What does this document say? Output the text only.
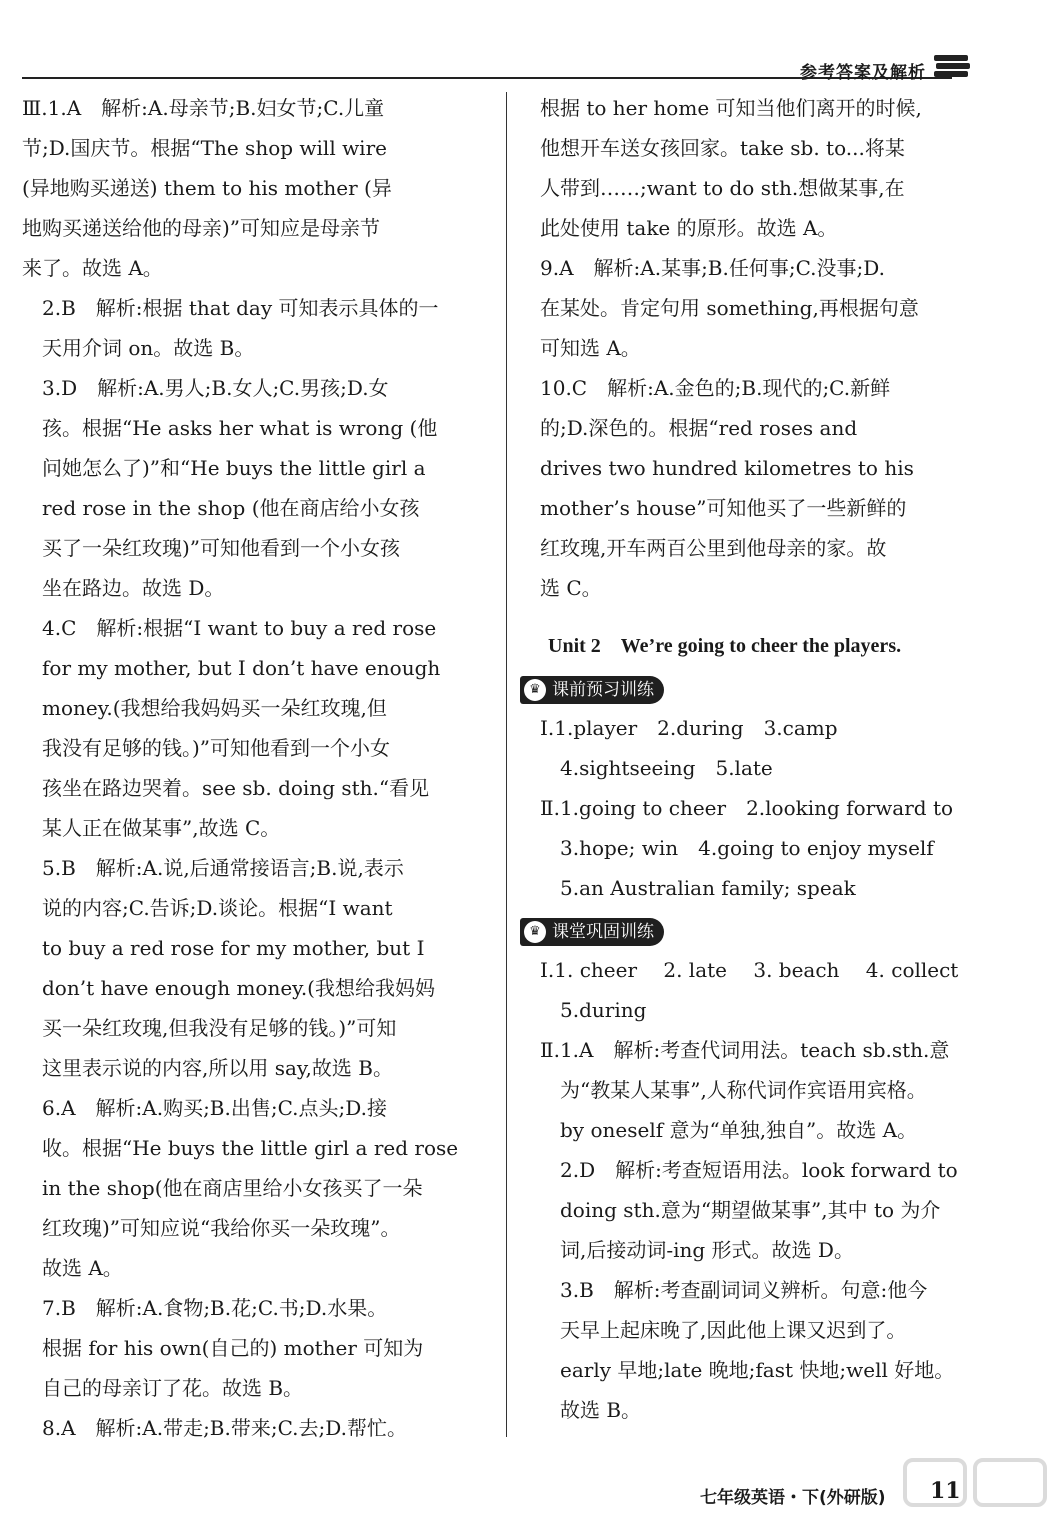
参考答案及解析
Ⅲ.1.A　解析:A.母亲节;B.妇女节;C.儿童
节;D.国庆节。根据“The shop will wire
(异地购买递送) them to his mother (异
地购买递送给他的母亲)”可知应是母亲节
来了。故选 A。
　2.B　解析:根据 that day 可知表示具体的一
　天用介词 on。故选 B。
　3.D　解析:A.男人;B.女人;C.男孩;D.女
　孩。根据“He asks her what is wrong (他
　问她怎么了)”和“He buys the little girl a
　red rose in the shop (他在商店给小女孩
　买了一朵红玫瑰)”可知他看到一个小女孩
　坐在路边。故选 D。
　4.C　解析:根据“I want to buy a red rose
　for my mother, but I don’t have enough
　money.(我想给我妈妈买一朵红玫瑰,但
　我没有足够的钱。)”可知他看到一个小女
　孩坐在路边哭着。see sb. doing sth.“看见
　某人正在做某事”,故选 C。
　5.B　解析:A.说,后通常接语言;B.说,表示
　说的内容;C.告诉;D.谈论。根据“I want
　to buy a red rose for my mother, but I
　don’t have enough money.(我想给我妈妈
　买一朵红玫瑰,但我没有足够的钱。)”可知
　这里表示说的内容,所以用 say,故选 B。
　6.A　解析:A.购买;B.出售;C.点头;D.接
　收。根据“He buys the little girl a red rose
　in the shop(他在商店里给小女孩买了一朵
　红玫瑰)”可知应说“我给你买一朵玫瑰”。
　故选 A。
　7.B　解析:A.食物;B.花;C.书;D.水果。
　根据 for his own(自己的) mother 可知为
　自己的母亲订了花。故选 B。
　8.A　解析:A.带走;B.带来;C.去;D.帮忙。
根据 to her home 可知当他们离开的时候,
他想开车送女孩回家。take sb. to...将某
人带到……;want to do sth.想做某事,在
此处使用 take 的原形。故选 A。
9.A　解析:A.某事;B.任何事;C.没事;D.
在某处。肯定句用 something,再根据句意
可知选 A。
10.C　解析:A.金色的;B.现代的;C.新鲜
的;D.深色的。根据“red roses and
drives two hundred kilometres to his
mother’s house”可知他买了一些新鲜的
红玫瑰,开车两百公里到他母亲的家。故
选 C。
Unit 2　We’re going to cheer the players.
♛ 课前预习训练
Ⅰ.1.player　2.during　3.camp
　4.sightseeing　5.late
Ⅱ.1.going to cheer　2.looking forward to
　3.hope; win　4.going to enjoy myself
　5.an Australian family; speak
♛ 课堂巩固训练
Ⅰ.1. cheer　 2. late　 3. beach　 4. collect
　5.during
Ⅱ.1.A　解析:考查代词用法。teach sb.sth.意
　为“教某人某事”,人称代词作宾语用宾格。
　by oneself 意为“单独,独自”。故选 A。
　2.D　解析:考查短语用法。look forward to
　doing sth.意为“期望做某事”,其中 to 为介
　词,后接动词-ing 形式。故选 D。
　3.B　解析:考查副词词义辨析。句意:他今
　天早上起床晚了,因此他上课又迟到了。
　early 早地;late 晚地;fast 快地;well 好地。
　故选 B。
七年级英语・下(外研版) 11
